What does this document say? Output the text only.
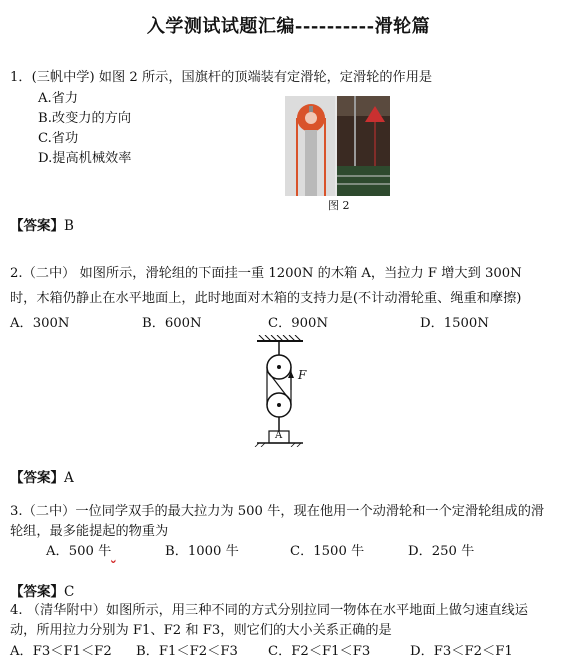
入学测试试题汇编----------滑轮篇
1．(三帆中学) 如图 2 所示，国旗杆的顶端装有定滑轮，定滑轮的作用是
A.省力
B.改变力的方向
C.省功
D.提高机械效率
图 2
【答案】B
2.（二中） 如图所示，滑轮组的下面挂一重 1200N 的木箱 A，当拉力 F 增大到 300N
时，木箱仍静止在水平地面上，此时地面对木箱的支持力是(不计动滑轮重、绳重和摩擦)
A．300N	B．600N	C．900N	D．1500N
F
A
【答案】A
3.（二中）一位同学双手的最大拉力为 500 牛，现在他用一个动滑轮和一个定滑轮组成的滑
轮组，最多能提起的物重为
A．500 牛	B．1000 牛	C．1500 牛	D．250 牛
【答案】C
4. （清华附中）如图所示，用三种不同的方式分别拉同一物体在水平地面上做匀速直线运
动，所用拉力分别为 F1、F2 和 F3，则它们的大小关系正确的是
A．F3＜F1＜F2 B．F1＜F2＜F3 C．F2＜F1＜F3	D．F3＜F2＜F1
